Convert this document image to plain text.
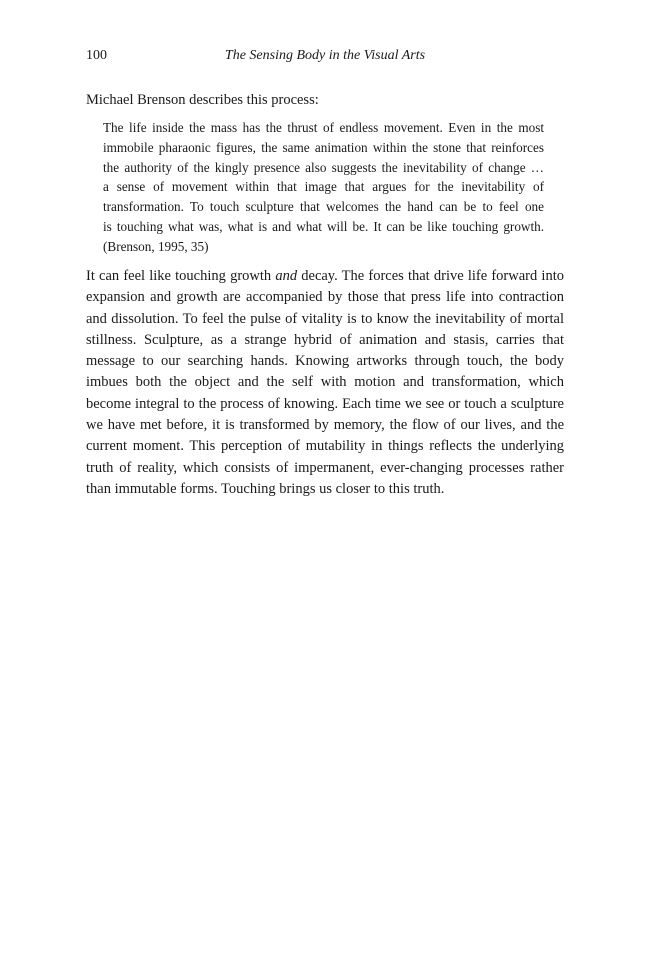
100	The Sensing Body in the Visual Arts

Michael Brenson describes this process:

The life inside the mass has the thrust of endless movement. Even in the most
immobile pharaonic figures, the same animation within the stone that reinforces
the authority of the kingly presence also suggests the inevitability of change …
a sense of movement within that image that argues for the inevitability of
transformation. To touch sculpture that welcomes the hand can be to feel one
is touching what was, what is and what will be. It can be like touching growth.
(Brenson, 1995, 35)
It can feel like touching growth and decay. The forces that drive life forward into
expansion and growth are accompanied by those that press life into contraction
and dissolution. To feel the pulse of vitality is to know the inevitability of mortal
stillness. Sculpture, as a strange hybrid of animation and stasis, carries that
message to our searching hands. Knowing artworks through touch, the body
imbues both the object and the self with motion and transformation, which
become integral to the process of knowing. Each time we see or touch a sculpture
we have met before, it is transformed by memory, the flow of our lives, and the
current moment. This perception of mutability in things reflects the underlying
truth of reality, which consists of impermanent, ever-changing processes rather
than immutable forms. Touching brings us closer to this truth.
